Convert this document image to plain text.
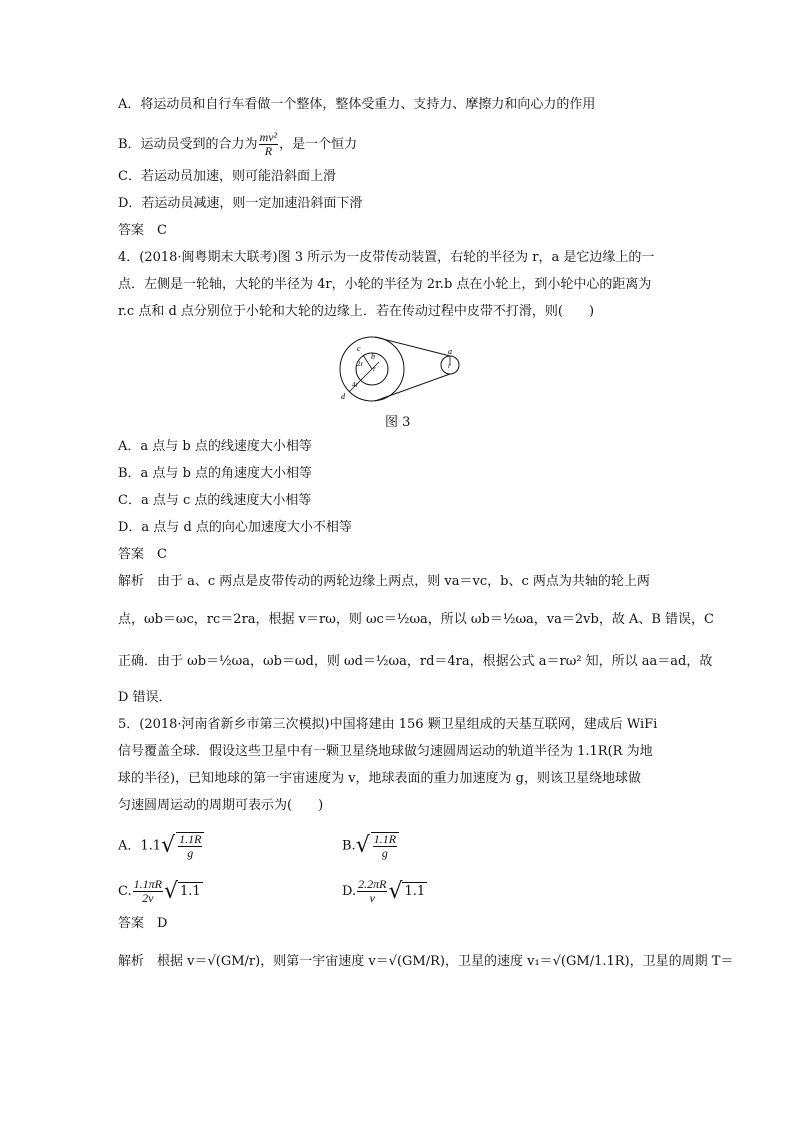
A．将运动员和自行车看做一个整体，整体受重力、支持力、摩擦力和向心力的作用
B．运动员受到的合力为 $\frac{\text{mv²}}{R}$ ，是一个恒力
C．若运动员加速，则可能沿斜面上滑
D．若运动员减速，则一定加速沿斜面下滑
答案　C
4．(2018·闽粤期末大联考)图 3 所示为一皮带传动装置，右轮的半径为 r，a 是它边缘上的一
点．左侧是一轮轴，大轮的半径为 4r，小轮的半径为 2r.b 点在小轮上，到小轮中心的距离为
r.c 点和 d 点分别位于小轮和大轮的边缘上．若在传动过程中皮带不打滑，则(　　)
c
b
2r
r
4r
d
a
r
图 3
A．a 点与 b 点的线速度大小相等
B．a 点与 b 点的角速度大小相等
C．a 点与 c 点的线速度大小相等
D．a 点与 d 点的向心加速度大小不相等
答案　C
解析　由于 a、c 两点是皮带传动的两轮边缘上两点，则 va＝vc，b、c 两点为共轴的轮上两
点，ωb＝ωc，rc＝2ra，根据 v＝rω，则 ωc＝½ωa，所以 ωb＝½ωa，va＝2vb，故 A、B 错误，C
正确．由于 ωb＝½ωa，ωb＝ωd，则 ωd＝½ωa，rd＝4ra，根据公式 a＝rω² 知，所以 aa＝ad，故
D 错误．
5．(2018·河南省新乡市第三次模拟)中国将建由 156 颗卫星组成的天基互联网，建成后 WiFi
信号覆盖全球．假设这些卫星中有一颗卫星绕地球做匀速圆周运动的轨道半径为 1.1R(R 为地
球的半径)，已知地球的第一宇宙速度为 v，地球表面的重力加速度为 g，则该卫星绕地球做
匀速圆周运动的周期可表示为(　　)
A．$1.1√ \frac{1.1R}{g}$	$B.√ \frac{1.1R}{g}$
C. $\frac{1.1\pi R}{2v}$ √ 1.1	D. $\frac{2.2\pi R}{v}$ √ 1.1
答案　D
解析　根据 v＝√(GM/r)，则第一宇宙速度 v＝√(GM/R)，卫星的速度 v₁＝√(GM/1.1R)，卫星的周期 T＝
